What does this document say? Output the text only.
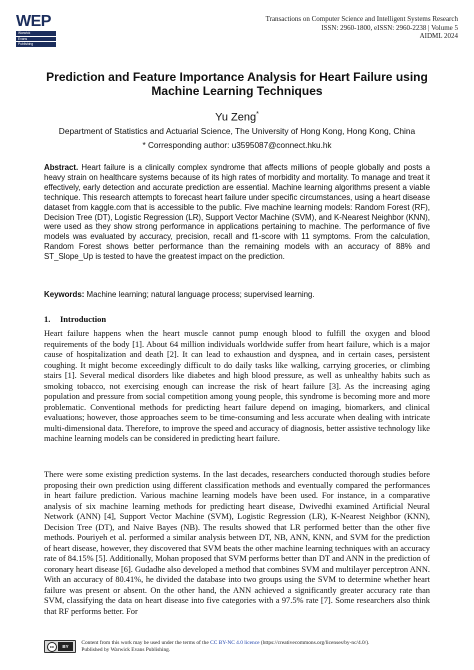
WEP
Warwick
Evans
Publishing
Transactions on Computer Science and Intelligent Systems Research
ISSN: 2960-1800, eISSN: 2960-2238 | Volume 5
AIDML 2024
Prediction and Feature Importance Analysis for Heart Failure using Machine Learning Techniques
Yu Zeng*
Department of Statistics and Actuarial Science, The University of Hong Kong, Hong Kong, China
* Corresponding author: u3595087@connect.hku.hk
Abstract. Heart failure is a clinically complex syndrome that affects millions of people globally and posts a heavy strain on healthcare systems because of its high rates of morbidity and mortality. To manage and treat it effectively, early detection and accurate prediction are essential. Machine learning algorithms present a viable technique. This research attempts to forecast heart failure under specific circumstances, using a heart disease dataset from kaggle.com that is accessible to the public. Five machine learning models: Random Forest (RF), Decision Tree (DT), Logistic Regression (LR), Support Vector Machine (SVM), and K-Nearest Neighbor (KNN), were used as they show strong performance in applications pertaining to machine. The performance of five models was evaluated by accuracy, precision, recall and f1-score with 11 symptoms. From the calculation, Random Forest shows better performance than the remaining models with an accuracy of 88% and ST_Slope_Up is tested to have the greatest impact on the prediction.
Keywords: Machine learning; natural language process; supervised learning.
1. Introduction
Heart failure happens when the heart muscle cannot pump enough blood to fulfill the oxygen and blood requirements of the body [1]. About 64 million individuals worldwide suffer from heart failure, which is a major cause of hospitalization and death [2]. It can lead to exhaustion and dyspnea, and in certain cases, persistent coughing. It might become exceedingly difficult to do daily tasks like walking, carrying groceries, or climbing stairs [1]. Several medical disorders like diabetes and high blood pressure, as well as unhealthy habits such as smoking tobacco, not exercising enough can increase the risk of heart failure [3]. As the increasing aging population and pressure from social competition among young people, this syndrome is becoming more and more problematic. Conventional methods for predicting heart failure depend on imaging, biomarkers, and clinical evaluations; however, those approaches seem to be time-consuming and less accurate when dealing with intricate multi-dimensional data. Therefore, to improve the speed and accuracy of diagnosis, better assistive technology like machine learning models can be considered in predicting heart failure.
There were some existing prediction systems. In the last decades, researchers conducted thorough studies before proposing their own prediction using different classification methods and eventually compared the performances in heart failure prediction. Various machine learning models have been used. For instance, in a comparative analysis of six machine learning methods for predicting heart disease, Dwivedhi examined Artificial Neural Network (ANN) [4], Support Vector Machine (SVM), Logistic Regression (LR), K-Nearest Neighbor (KNN), Decision Tree (DT), and Naive Bayes (NB). The results showed that LR performed better than the other five methods. Pouriyeh et al. performed a similar analysis between DT, NB, ANN, KNN, and SVM for the prediction of heart disease, however, they discovered that SVM beats the other machine learning techniques with an accuracy rate of 84.15% [5]. Additionally, Mohan proposed that SVM performs better than DT and ANN in the prediction of coronary heart disease [6]. Gudadhe also developed a method that combines SVM and multilayer perceptron ANN. With an accuracy of 80.41%, he divided the database into two groups using the SVM to determine whether heart failure was present or absent. On the other hand, the ANN achieved a significantly greater accuracy rate than SVM, classifying the data on heart disease into five categories with a 97.5% rate [7]. Some researchers also think that RF performs better. For
cc	BY
Content from this work may be used under the terms of the CC BY-NC 4.0 licence (https://creativecommons.org/licenses/by-nc/4.0/).
Published by Warwick Evans Publishing.
